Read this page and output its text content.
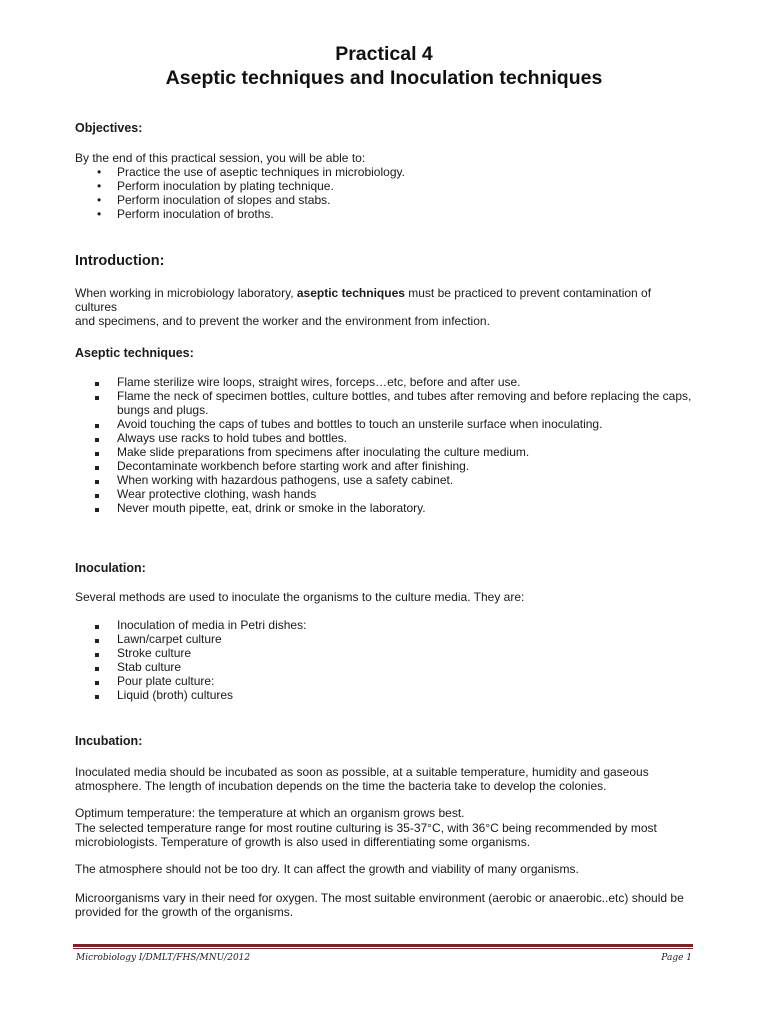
Practical 4
Aseptic techniques and Inoculation techniques
Objectives:
By the end of this practical session, you will be able to:
•	Practice the use of aseptic techniques in microbiology.
•	Perform inoculation by plating technique.
•	Perform inoculation of slopes and stabs.
•	Perform inoculation of broths.
Introduction:
When working in microbiology laboratory, aseptic techniques must be practiced to prevent contamination of cultures
and specimens, and to prevent the worker and the environment from infection.
Aseptic techniques:
Flame sterilize wire loops, straight wires, forceps…etc, before and after use.
Flame the neck of specimen bottles, culture bottles, and tubes after removing and before replacing the caps,
bungs and plugs.
Avoid touching the caps of tubes and bottles to touch an unsterile surface when inoculating.
Always use racks to hold tubes and bottles.
Make slide preparations from specimens after inoculating the culture medium.
Decontaminate workbench before starting work and after finishing.
When working with hazardous pathogens, use a safety cabinet.
Wear protective clothing, wash hands
Never mouth pipette, eat, drink or smoke in the laboratory.
Inoculation:
Several methods are used to inoculate the organisms to the culture media. They are:
Inoculation of media in Petri dishes:
Lawn/carpet culture
Stroke culture
Stab culture
Pour plate culture:
Liquid (broth) cultures
Incubation:
Inoculated media should be incubated as soon as possible, at a suitable temperature, humidity and gaseous
atmosphere. The length of incubation depends on the time the bacteria take to develop the colonies.
Optimum temperature: the temperature at which an organism grows best.
The selected temperature range for most routine culturing is 35-37°C, with 36°C being recommended by most
microbiologists. Temperature of growth is also used in differentiating some organisms.
The atmosphere should not be too dry. It can affect the growth and viability of many organisms.
Microorganisms vary in their need for oxygen. The most suitable environment (aerobic or anaerobic..etc) should be
provided for the growth of the organisms.
Microbiology I/DMLT/FHS/MNU/2012	Page 1
